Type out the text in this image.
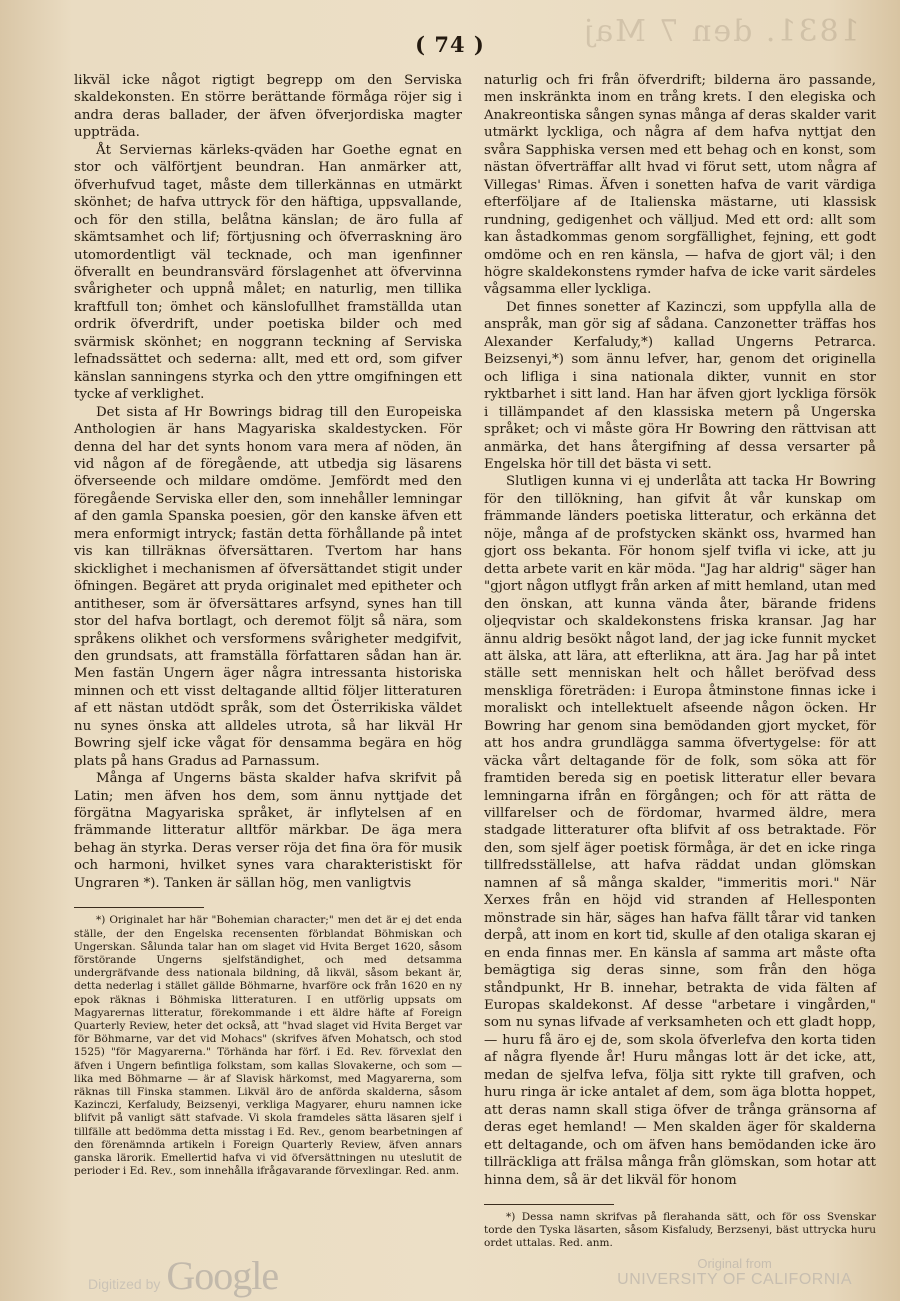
1831. den 7 Maj
( 74 )

likväl icke något rigtigt begrepp om den Serviska skaldekonsten. En större berättande förmåga röjer sig i andra deras ballader, der äfven öfverjordiska magter uppträda.

Åt Serviernas kärleks-qväden har Goethe egnat en stor och välförtjent beundran. Han anmärker att, öfverhufvud taget, måste dem tillerkännas en utmärkt skönhet; de hafva uttryck för den häftiga, uppsvallande, och för den stilla, belåtna känslan; de äro fulla af skämtsamhet och lif; förtjusning och öfverraskning äro utomordentligt väl tecknade, och man igenfinner öfverallt en beundransvärd förslagenhet att öfvervinna svårigheter och uppnå målet; en naturlig, men tillika kraftfull ton; ömhet och känslofullhet framställda utan ordrik öfverdrift, under poetiska bilder och med svärmisk skönhet; en noggrann teckning af Serviska lefnadssättet och sederna: allt, med ett ord, som gifver känslan sanningens styrka och den yttre omgifningen ett tycke af verklighet.

Det sista af Hr Bowrings bidrag till den Europeiska Anthologien är hans Magyariska skaldestycken. För denna del har det synts honom vara mera af nöden, än vid någon af de föregående, att utbedja sig läsarens öfverseende och mildare omdöme. Jemfördt med den föregående Serviska eller den, som innehåller lemningar af den gamla Spanska poesien, gör den kanske äfven ett mera enformigt intryck; fastän detta förhållande på intet vis kan tillräknas öfversättaren. Tvertom har hans skicklighet i mechanismen af öfversättandet stigit under öfningen. Begäret att pryda originalet med epitheter och antitheser, som är öfversättares arfsynd, synes han till stor del hafva bortlagt, och deremot följt så nära, som språkens olikhet och versformens svårigheter medgifvit, den grundsats, att framställa författaren sådan han är. Men fastän Ungern äger några intressanta historiska minnen och ett visst deltagande alltid följer litteraturen af ett nästan utdödt språk, som det Österrikiska väldet nu synes önska att alldeles utrota, så har likväl Hr Bowring sjelf icke vågat för densamma begära en hög plats på hans Gradus ad Parnassum.

Många af Ungerns bästa skalder hafva skrifvit på Latin; men äfven hos dem, som ännu nyttjade det förgätna Magyariska språket, är inflytelsen af en främmande litteratur alltför märkbar. De äga mera behag än styrka. Deras verser röja det fina öra för musik och harmoni, hvilket synes vara charakteristiskt för Ungraren *). Tanken är sällan hög, men vanligtvis

*) Originalet har här "Bohemian character;" men det är ej det enda ställe, der den Engelska recensenten förblandat Böhmiskan och Ungerskan. Sålunda talar han om slaget vid Hvita Berget 1620, såsom förstörande Ungerns sjelfständighet, och med detsamma undergräfvande dess nationala bildning, då likväl, såsom bekant är, detta nederlag i stället gällde Böhmarne, hvarföre ock från 1620 en ny epok räknas i Böhmiska litteraturen. I en utförlig uppsats om Magyarernas litteratur, förekommande i ett äldre häfte af Foreign Quarterly Review, heter det också, att "hvad slaget vid Hvita Berget var för Böhmarne, var det vid Mohacs" (skrifves äfven Mohatsch, och stod 1525) "för Magyarerna." Törhända har förf. i Ed. Rev. förvexlat den äfven i Ungern befintliga folkstam, som kallas Slovakerne, och som — lika med Böhmarne — är af Slavisk härkomst, med Magyarerna, som räknas till Finska stammen. Likväl äro de anförda skalderna, såsom Kazinczi, Kerfaludy, Beizsenyi, verkliga Magyarer, ehuru namnen icke blifvit på vanligt sätt stafvade. Vi skola framdeles sätta läsaren sjelf i tillfälle att bedömma detta misstag i Ed. Rev., genom bearbetningen af den förenämnda artikeln i Foreign Quarterly Review, äfven annars ganska lärorik. Emellertid hafva vi vid öfversättningen nu uteslutit de perioder i Ed. Rev., som innehålla ifrågavarande förvexlingar. Red. anm.

naturlig och fri från öfverdrift; bilderna äro passande, men inskränkta inom en trång krets. I den elegiska och Anakreontiska sången synas många af deras skalder varit utmärkt lyckliga, och några af dem hafva nyttjat den svåra Sapphiska versen med ett behag och en konst, som nästan öfverträffar allt hvad vi förut sett, utom några af Villegas' Rimas. Äfven i sonetten hafva de varit värdiga efterföljare af de Italienska mästarne, uti klassisk rundning, gedigenhet och välljud. Med ett ord: allt som kan åstadkommas genom sorgfällighet, fejning, ett godt omdöme och en ren känsla, — hafva de gjort väl; i den högre skaldekonstens rymder hafva de icke varit särdeles vågsamma eller lyckliga.

Det finnes sonetter af Kazinczi, som uppfylla alla de anspråk, man gör sig af sådana. Canzonetter träffas hos Alexander Kerfaludy,*) kallad Ungerns Petrarca. Beizsenyi,*) som ännu lefver, har, genom det originella och lifliga i sina nationala dikter, vunnit en stor ryktbarhet i sitt land. Han har äfven gjort lyckliga försök i tillämpandet af den klassiska metern på Ungerska språket; och vi måste göra Hr Bowring den rättvisan att anmärka, det hans återgifning af dessa versarter på Engelska hör till det bästa vi sett.

Slutligen kunna vi ej underlåta att tacka Hr Bowring för den tillökning, han gifvit åt vår kunskap om främmande länders poetiska litteratur, och erkänna det nöje, många af de profstycken skänkt oss, hvarmed han gjort oss bekanta. För honom sjelf tvifla vi icke, att ju detta arbete varit en kär möda. "Jag har aldrig" säger han "gjort någon utflygt från arken af mitt hemland, utan med den önskan, att kunna vända åter, bärande fridens oljeqvistar och skaldekonstens friska kransar. Jag har ännu aldrig besökt något land, der jag icke funnit mycket att älska, att lära, att efterlikna, att ära. Jag har på intet ställe sett menniskan helt och hållet beröfvad dess menskliga företräden: i Europa åtminstone finnas icke i moraliskt och intellektuelt afseende någon öcken. Hr Bowring har genom sina bemödanden gjort mycket, för att hos andra grundlägga samma öfvertygelse: för att väcka vårt deltagande för de folk, som söka att för framtiden bereda sig en poetisk litteratur eller bevara lemningarna ifrån en förgången; och för att rätta de villfarelser och de fördomar, hvarmed äldre, mera stadgade litteraturer ofta blifvit af oss betraktade. För den, som sjelf äger poetisk förmåga, är det en icke ringa tillfredsställelse, att hafva räddat undan glömskan namnen af så många skalder, "immeritis mori." När Xerxes från en höjd vid stranden af Hellesponten mönstrade sin här, säges han hafva fällt tårar vid tanken derpå, att inom en kort tid, skulle af den otaliga skaran ej en enda finnas mer. En känsla af samma art måste ofta bemägtiga sig deras sinne, som från den höga ståndpunkt, Hr B. innehar, betrakta de vida fälten af Europas skaldekonst. Af desse "arbetare i vingården," som nu synas lifvade af verksamheten och ett gladt hopp, — huru få äro ej de, som skola öfverlefva den korta tiden af några flyende år! Huru mångas lott är det icke, att, medan de sjelfva lefva, följa sitt rykte till grafven, och huru ringa är icke antalet af dem, som äga blotta hoppet, att deras namn skall stiga öfver de trånga gränsorna af deras eget hemland! — Men skalden äger för skalderna ett deltagande, och om äfven hans bemödanden icke äro tillräckliga att frälsa många från glömskan, som hotar att hinna dem, så är det likväl för honom

*) Dessa namn skrifvas på flerahanda sätt, och för oss Svenskar torde den Tyska läsarten, såsom Kisfaludy, Berzsenyi, bäst uttrycka huru ordet uttalas. Red. anm.

Digitized by Google	Original from
UNIVERSITY OF CALIFORNIA
